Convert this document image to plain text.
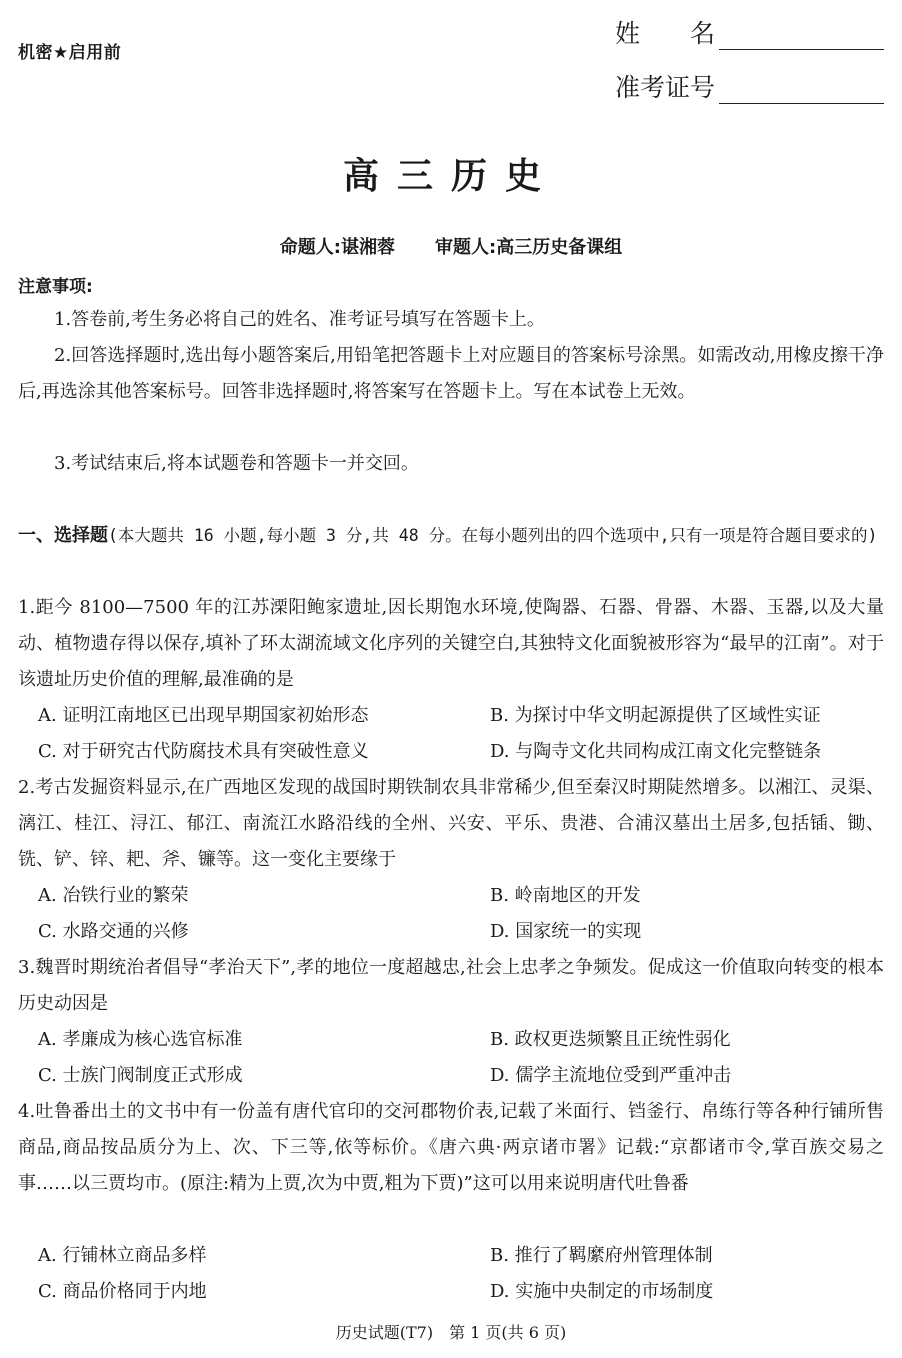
机密★启用前
姓　　名
准考证号
高三历史
命题人:谌湘蓉 审题人:高三历史备课组
注意事项:
1.答卷前,考生务必将自己的姓名、准考证号填写在答题卡上。
2.回答选择题时,选出每小题答案后,用铅笔把答题卡上对应题目的答案标号涂黑。如需改动,用橡皮擦干净后,再选涂其他答案标号。回答非选择题时,将答案写在答题卡上。写在本试卷上无效。
3.考试结束后,将本试题卷和答题卡一并交回。
一、选择题(本大题共 16 小题,每小题 3 分,共 48 分。在每小题列出的四个选项中,只有一项是符合题目要求的)
1.距今 8100—7500 年的江苏溧阳鲍家遗址,因长期饱水环境,使陶器、石器、骨器、木器、玉器,以及大量动、植物遗存得以保存,填补了环太湖流域文化序列的关键空白,其独特文化面貌被形容为“最早的江南”。对于该遗址历史价值的理解,最准确的是
A. 证明江南地区已出现早期国家初始形态	B. 为探讨中华文明起源提供了区域性实证
C. 对于研究古代防腐技术具有突破性意义	D. 与陶寺文化共同构成江南文化完整链条
2.考古发掘资料显示,在广西地区发现的战国时期铁制农具非常稀少,但至秦汉时期陡然增多。以湘江、灵渠、漓江、桂江、浔江、郁江、南流江水路沿线的全州、兴安、平乐、贵港、合浦汉墓出土居多,包括锸、锄、铣、铲、锌、耙、斧、镰等。这一变化主要缘于
A. 冶铁行业的繁荣	B. 岭南地区的开发
C. 水路交通的兴修	D. 国家统一的实现
3.魏晋时期统治者倡导“孝治天下”,孝的地位一度超越忠,社会上忠孝之争频发。促成这一价值取向转变的根本历史动因是
A. 孝廉成为核心选官标准	B. 政权更迭频繁且正统性弱化
C. 士族门阀制度正式形成	D. 儒学主流地位受到严重冲击
4.吐鲁番出土的文书中有一份盖有唐代官印的交河郡物价表,记载了米面行、铛釜行、帛练行等各种行铺所售商品,商品按品质分为上、次、下三等,依等标价。《唐六典·两京诸市署》记载:“京都诸市令,掌百族交易之事……以三贾均市。(原注:精为上贾,次为中贾,粗为下贾)”这可以用来说明唐代吐鲁番
A. 行铺林立商品多样	B. 推行了羁縻府州管理体制
C. 商品价格同于内地	D. 实施中央制定的市场制度
历史试题(T7)　第 1 页(共 6 页)
